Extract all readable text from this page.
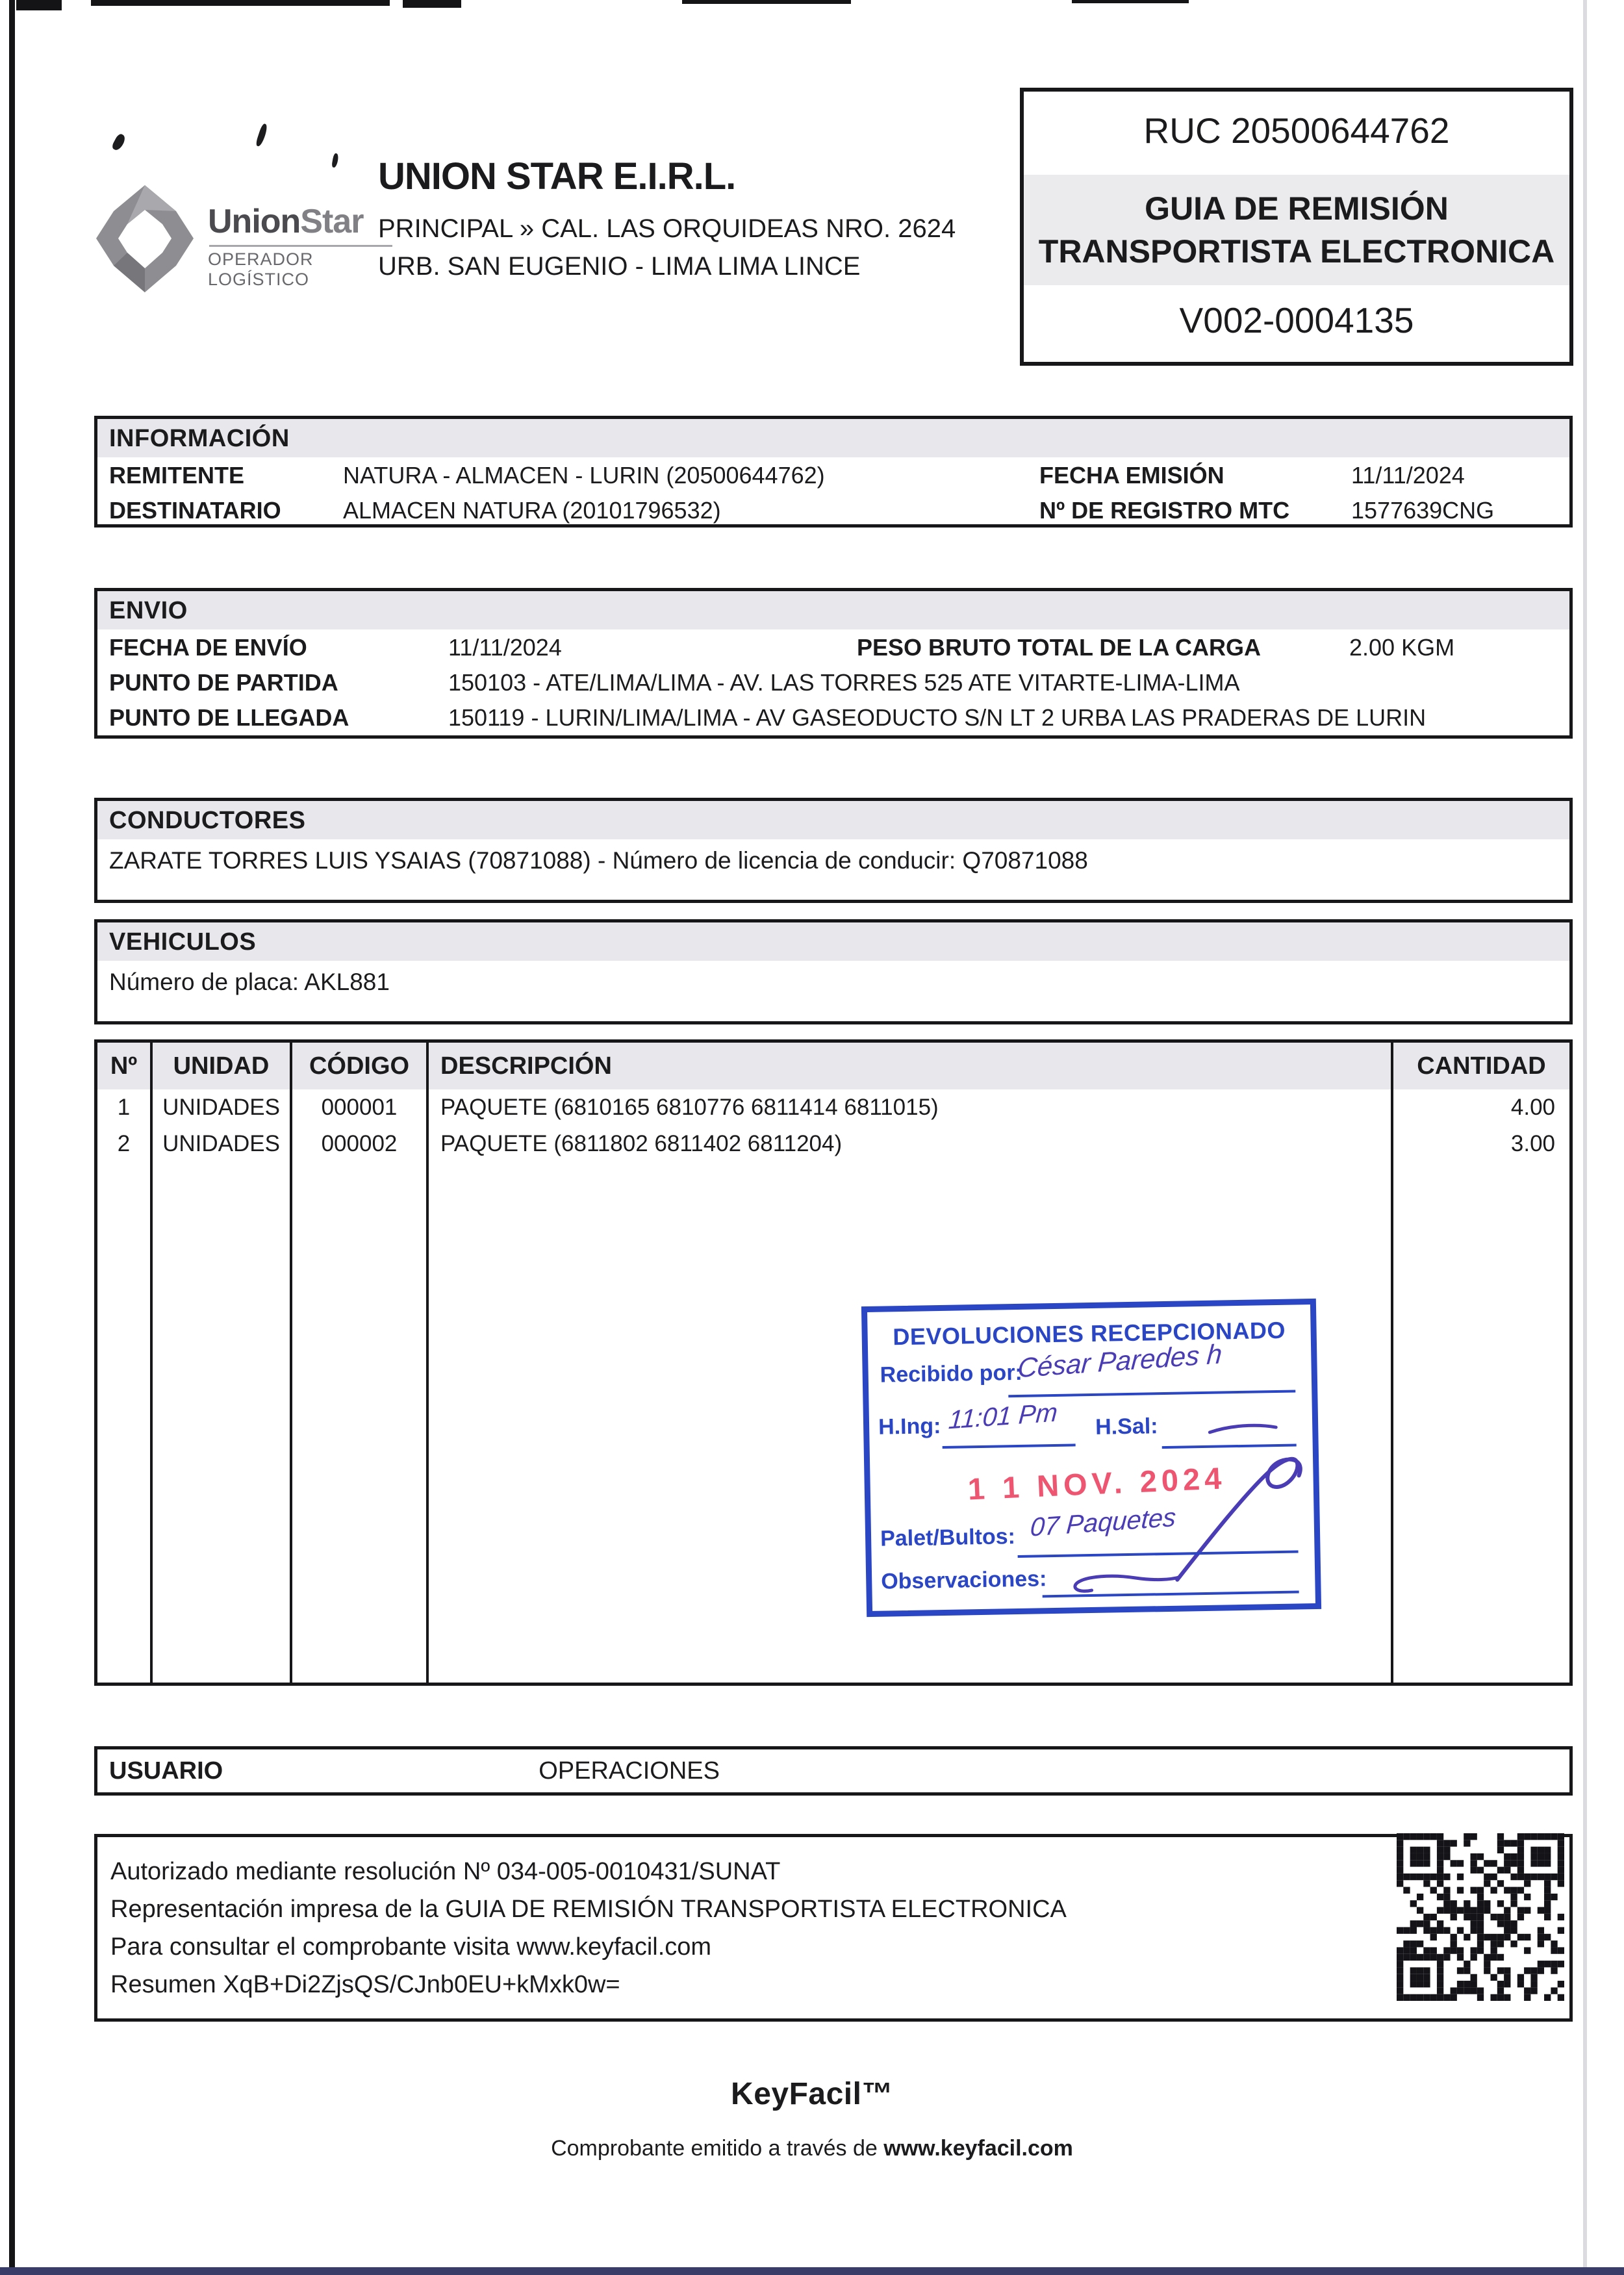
UnionStar
OPERADOR LOGÍSTICO
UNION STAR E.I.R.L.
PRINCIPAL » CAL. LAS ORQUIDEAS NRO. 2624
URB. SAN EUGENIO - LIMA LIMA LINCE
RUC 20500644762
GUIA DE REMISIÓN
TRANSPORTISTA ELECTRONICA
V002-0004135
INFORMACIÓN
REMITENTE	NATURA - ALMACEN - LURIN (20500644762)	FECHA EMISIÓN	11/11/2024
DESTINATARIO	ALMACEN NATURA (20101796532)	Nº DE REGISTRO MTC	1577639CNG
ENVIO
FECHA DE ENVÍO	11/11/2024	PESO BRUTO TOTAL DE LA CARGA	2.00 KGM
PUNTO DE PARTIDA	150103 - ATE/LIMA/LIMA - AV. LAS TORRES 525 ATE VITARTE-LIMA-LIMA
PUNTO DE LLEGADA	150119 - LURIN/LIMA/LIMA - AV GASEODUCTO S/N LT 2 URBA LAS PRADERAS DE LURIN
CONDUCTORES
ZARATE TORRES LUIS YSAIAS (70871088) - Número de licencia de conducir: Q70871088
VEHICULOS
Número de placa: AKL881
Nº	UNIDAD	CÓDIGO	DESCRIPCIÓN	CANTIDAD
1	UNIDADES	000001	PAQUETE (6810165 6810776 6811414 6811015)	4.00
2	UNIDADES	000002	PAQUETE (6811802 6811402 6811204)	3.00
DEVOLUCIONES RECEPCIONADO
Recibido por:
César Paredes h
H.Ing: 11:01 Pm H.Sal:
1 1 NOV. 2024
Palet/Bultos: 07 Paquetes
Observaciones:
USUARIO	OPERACIONES
Autorizado mediante resolución Nº 034-005-0010431/SUNAT
Representación impresa de la GUIA DE REMISIÓN TRANSPORTISTA ELECTRONICA
Para consultar el comprobante visita www.keyfacil.com
Resumen XqB+Di2ZjsQS/CJnb0EU+kMxk0w=
KeyFacil™
Comprobante emitido a través de www.keyfacil.com
